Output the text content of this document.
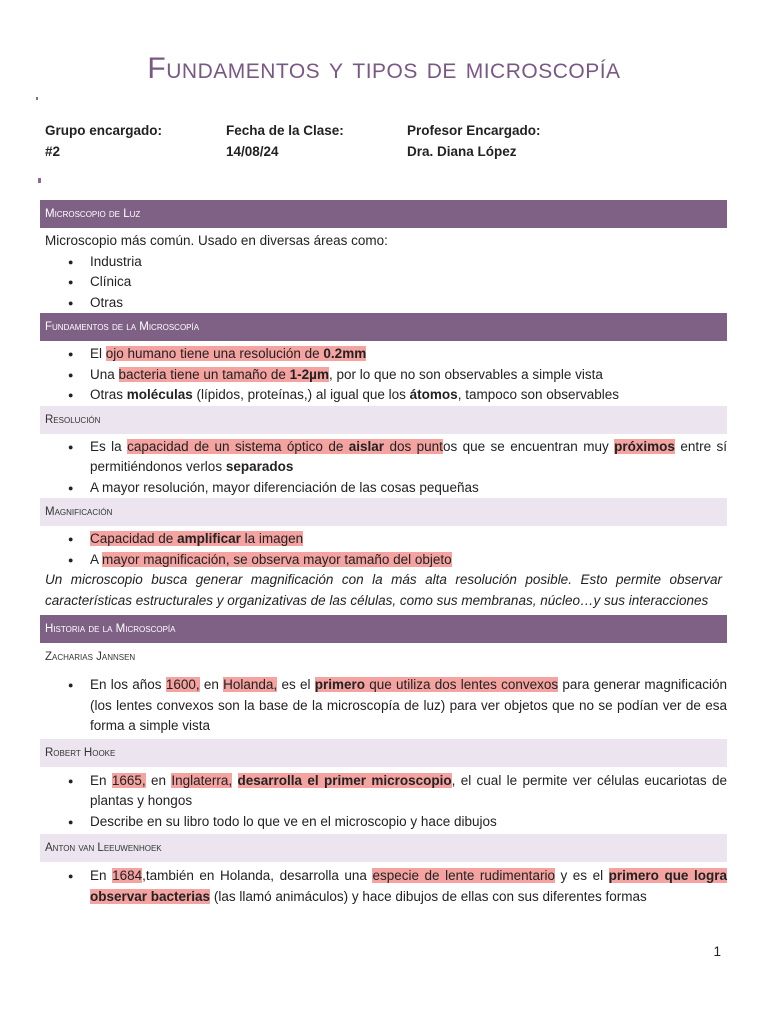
Fundamentos y tipos de microscopía
Grupo encargado:
#2
Fecha de la Clase:
14/08/24
Profesor Encargado:
Dra. Diana López
Microscopio de Luz
Microscopio más común. Usado en diversas áreas como:
● Industria
● Clínica
● Otras
Fundamentos de la Microscopía
● El ojo humano tiene una resolución de 0.2mm
● Una bacteria tiene un tamaño de 1-2µm, por lo que no son observables a simple vista
● Otras moléculas (lípidos, proteínas,) al igual que los átomos, tampoco son observables
Resolución
● Es la capacidad de un sistema óptico de aislar dos puntos que se encuentran muy próximos entre sí permitiéndonos verlos separados
● A mayor resolución, mayor diferenciación de las cosas pequeñas
Magnificación
● Capacidad de amplificar la imagen
● A mayor magnificación, se observa mayor tamaño del objeto
Un microscopio busca generar magnificación con la más alta resolución posible. Esto permite observar características estructurales y organizativas de las células, como sus membranas, núcleo…y sus interacciones
Historia de la Microscopía
Zacharias Jannsen
● En los años 1600, en Holanda, es el primero que utiliza dos lentes convexos para generar magnificación (los lentes convexos son la base de la microscopía de luz) para ver objetos que no se podían ver de esa forma a simple vista
Robert Hooke
● En 1665, en Inglaterra, desarrolla el primer microscopio, el cual le permite ver células eucariotas de plantas y hongos
● Describe en su libro todo lo que ve en el microscopio y hace dibujos
Anton van Leeuwenhoek
● En 1684,también en Holanda, desarrolla una especie de lente rudimentario y es el primero que logra observar bacterias (las llamó animáculos) y hace dibujos de ellas con sus diferentes formas
1
